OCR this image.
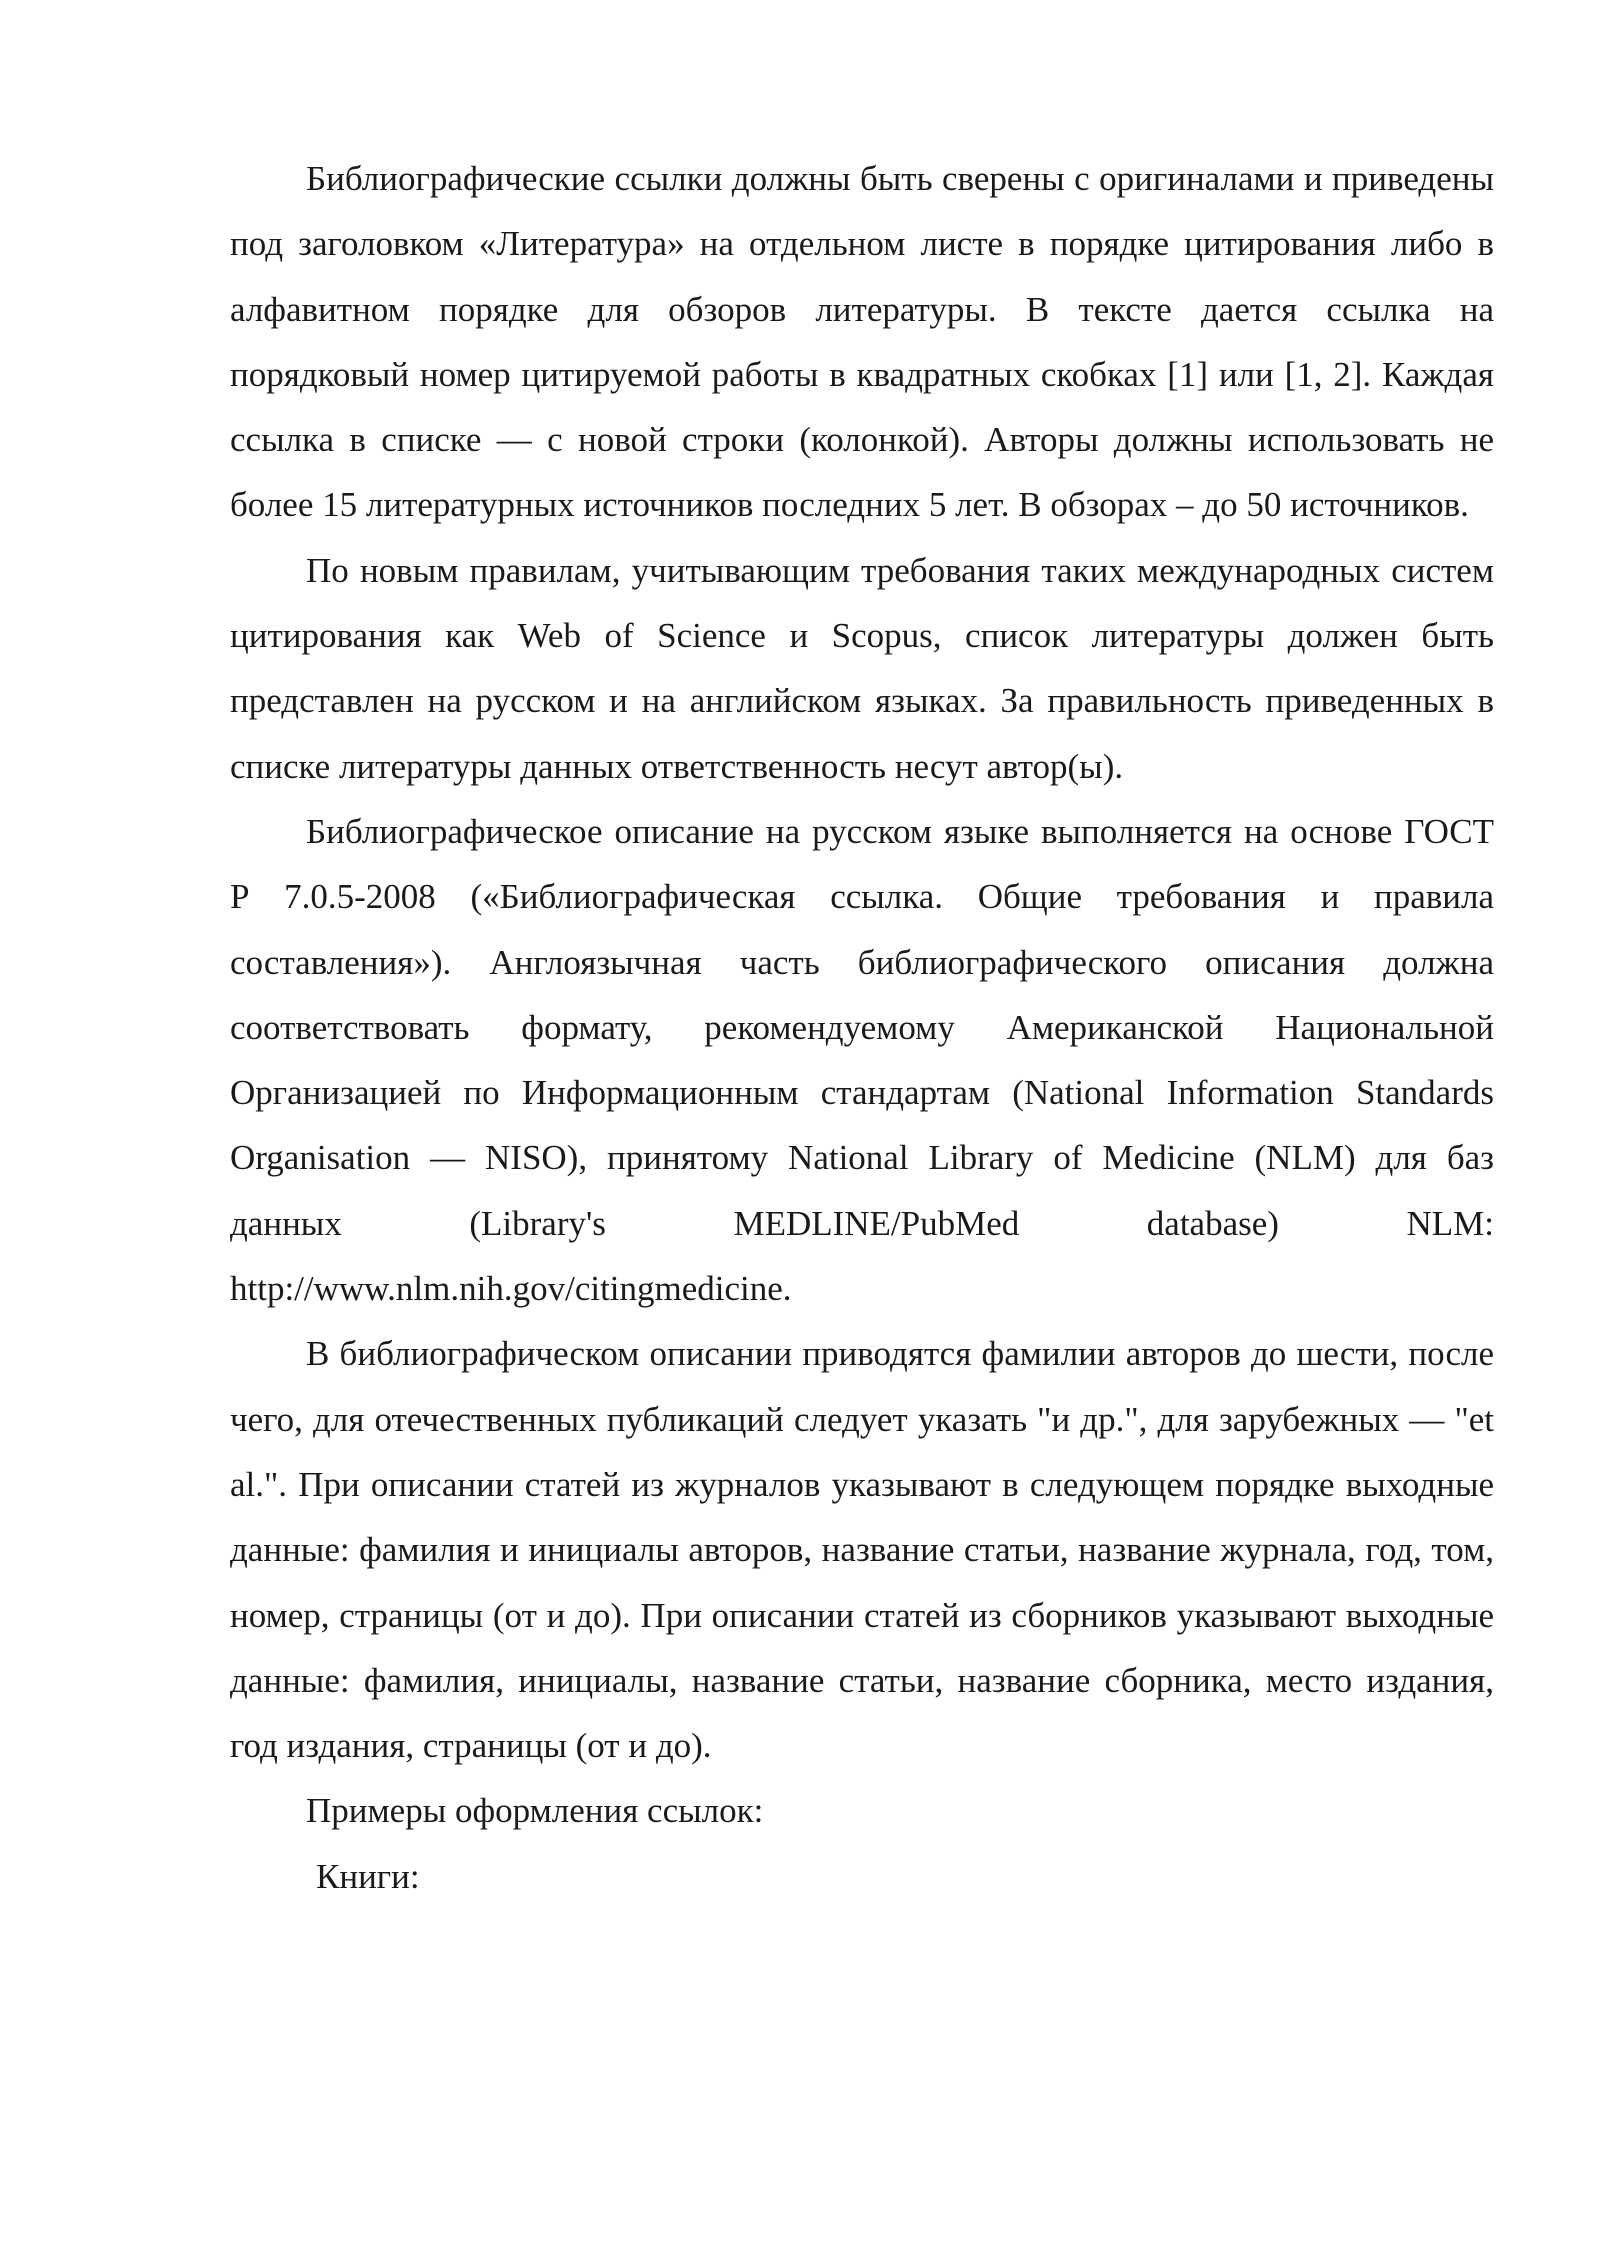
Библиографические ссылки должны быть сверены с оригиналами и приведены под заголовком «Литература» на отдельном листе в порядке цитирования либо в алфавитном порядке для обзоров литературы. В тексте дается ссылка на порядковый номер цитируемой работы в квадратных скобках [1] или [1, 2]. Каждая ссылка в списке — с новой строки (колонкой). Авторы должны использовать не более 15 литературных источников последних 5 лет. В обзорах – до 50 источников.

По новым правилам, учитывающим требования таких международных систем цитирования как Web of Science и Scopus, список литературы должен быть представлен на русском и на английском языках. За правильность приведенных в списке литературы данных ответственность несут автор(ы).

Библиографическое описание на русском языке выполняется на основе ГОСТ Р 7.0.5-2008 («Библиографическая ссылка. Общие требования и правила составления»). Англоязычная часть библиографического описания должна соответствовать формату, рекомендуемому Американской Национальной Организацией по Информационным стандартам (National Information Standards Organisation — NISO), принятому National Library of Medicine (NLM) для баз данных (Library's MEDLINE/PubMed database) NLM: http://www.nlm.nih.gov/citingmedicine.

В библиографическом описании приводятся фамилии авторов до шести, после чего, для отечественных публикаций следует указать "и др.", для зарубежных — "et al.". При описании статей из журналов указывают в следующем порядке выходные данные: фамилия и инициалы авторов, название статьи, название журнала, год, том, номер, страницы (от и до). При описании статей из сборников указывают выходные данные: фамилия, инициалы, название статьи, название сборника, место издания, год издания, страницы (от и до).

Примеры оформления ссылок:

Книги:
